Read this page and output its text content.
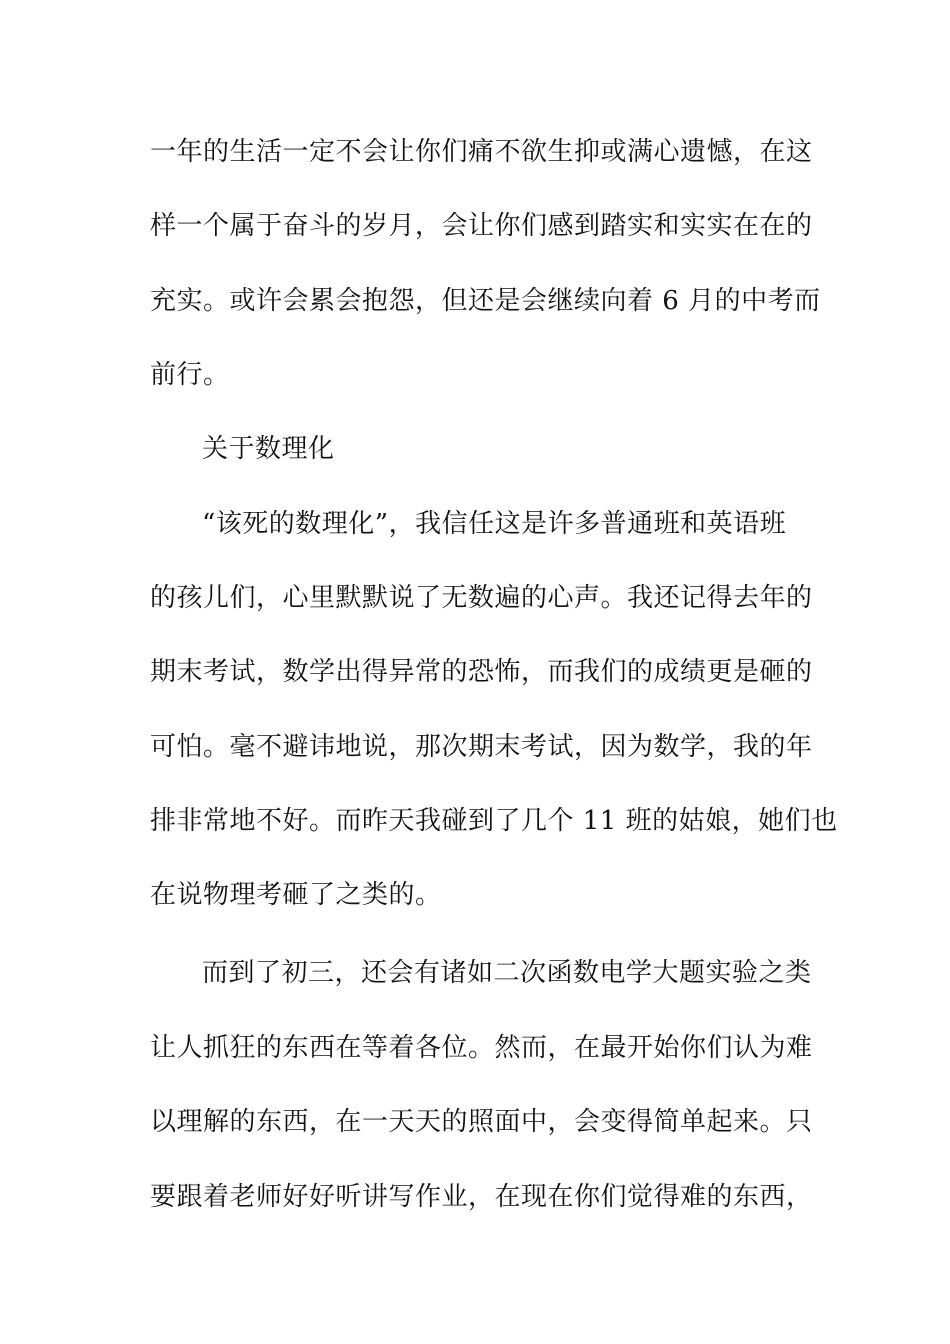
一年的生活一定不会让你们痛不欲生抑或满心遗憾，在这
样一个属于奋斗的岁月，会让你们感到踏实和实实在在的
充实。或许会累会抱怨，但还是会继续向着 6 月的中考而
前行。
关于数理化
“该死的数理化”，我信任这是许多普通班和英语班
的孩儿们，心里默默说了无数遍的心声。我还记得去年的
期末考试，数学出得异常的恐怖，而我们的成绩更是砸的
可怕。毫不避讳地说，那次期末考试，因为数学，我的年
排非常地不好。而昨天我碰到了几个 11 班的姑娘，她们也
在说物理考砸了之类的。
而到了初三，还会有诸如二次函数电学大题实验之类
让人抓狂的东西在等着各位。然而，在最开始你们认为难
以理解的东西，在一天天的照面中，会变得简单起来。只
要跟着老师好好听讲写作业，在现在你们觉得难的东西，
